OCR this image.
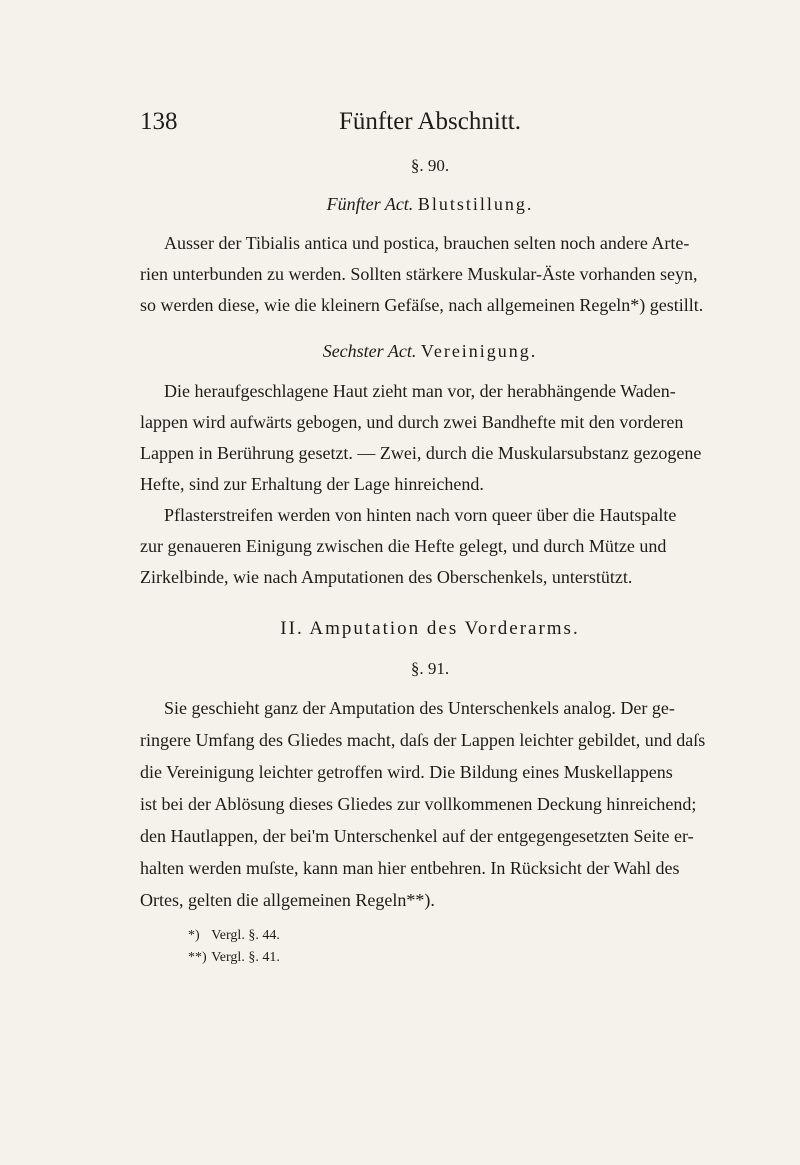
138	Fünfter Abschnitt.
§. 90.
Fünfter Act. Blutstillung.
Ausser der Tibialis antica und postica, brauchen selten noch andere Arte-
rien unterbunden zu werden. Sollten stärkere Muskular-Äste vorhanden seyn,
so werden diese, wie die kleinern Gefäſse, nach allgemeinen Regeln*) gestillt.
Sechster Act. Vereinigung.
Die heraufgeschlagene Haut zieht man vor, der herabhängende Waden-
lappen wird aufwärts gebogen, und durch zwei Bandhefte mit den vorderen
Lappen in Berührung gesetzt. — Zwei, durch die Muskularsubstanz gezogene
Hefte, sind zur Erhaltung der Lage hinreichend.
Pflasterstreifen werden von hinten nach vorn queer über die Hautspalte
zur genaueren Einigung zwischen die Hefte gelegt, und durch Mütze und
Zirkelbinde, wie nach Amputationen des Oberschenkels, unterstützt.
II. Amputation des Vorderarms.
§. 91.
Sie geschieht ganz der Amputation des Unterschenkels analog. Der ge-
ringere Umfang des Gliedes macht, daſs der Lappen leichter gebildet, und daſs
die Vereinigung leichter getroffen wird. Die Bildung eines Muskellappens
ist bei der Ablösung dieses Gliedes zur vollkommenen Deckung hinreichend;
den Hautlappen, der bei'm Unterschenkel auf der entgegengesetzten Seite er-
halten werden muſste, kann man hier entbehren. In Rücksicht der Wahl des
Ortes, gelten die allgemeinen Regeln**).
*) Vergl. §. 44.
**) Vergl. §. 41.
